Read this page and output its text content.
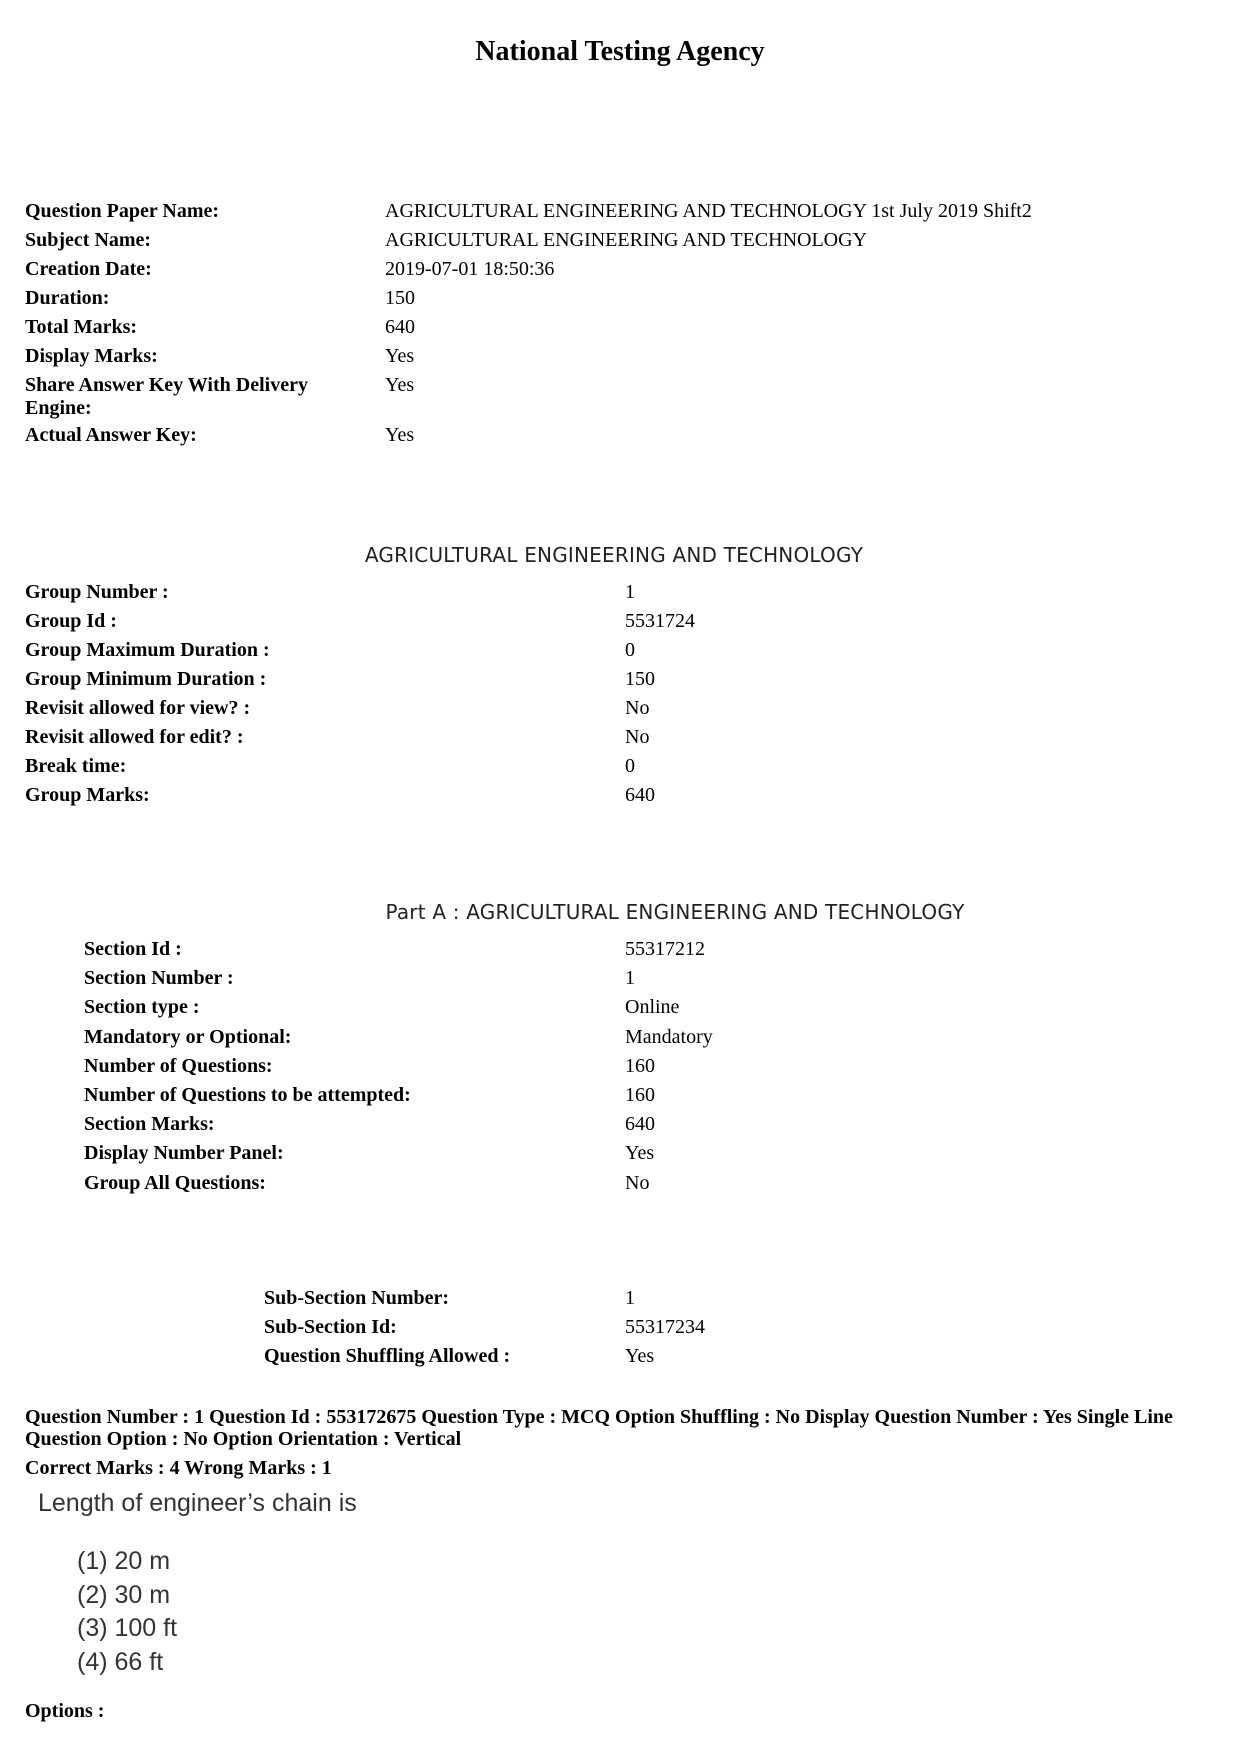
National Testing Agency
Question Paper Name:	AGRICULTURAL ENGINEERING AND TECHNOLOGY 1st July 2019 Shift2
Subject Name:	AGRICULTURAL ENGINEERING AND TECHNOLOGY
Creation Date:	2019-07-01 18:50:36
Duration:	150
Total Marks:	640
Display Marks:	Yes
Share Answer Key With Delivery Engine:
Yes
Actual Answer Key:	Yes
AGRICULTURAL ENGINEERING AND TECHNOLOGY
Group Number :	1
Group Id :	5531724
Group Maximum Duration :	0
Group Minimum Duration :	150
Revisit allowed for view? :	No
Revisit allowed for edit? :	No
Break time:	0
Group Marks:	640
Part A : AGRICULTURAL ENGINEERING AND TECHNOLOGY
Section Id :	55317212
Section Number :	1
Section type :	Online
Mandatory or Optional:	Mandatory
Number of Questions:	160
Number of Questions to be attempted:	160
Section Marks:	640
Display Number Panel:	Yes
Group All Questions:	No
Sub-Section Number:	1
Sub-Section Id:	55317234
Question Shuffling Allowed :	Yes
Question Number : 1 Question Id : 553172675 Question Type : MCQ Option Shuffling : No Display Question Number : Yes Single Line Question Option : No Option Orientation : Vertical
Correct Marks : 4 Wrong Marks : 1
Length of engineer’s chain is
(1) 20 m
(2) 30 m
(3) 100 ft
(4) 66 ft
Options :
